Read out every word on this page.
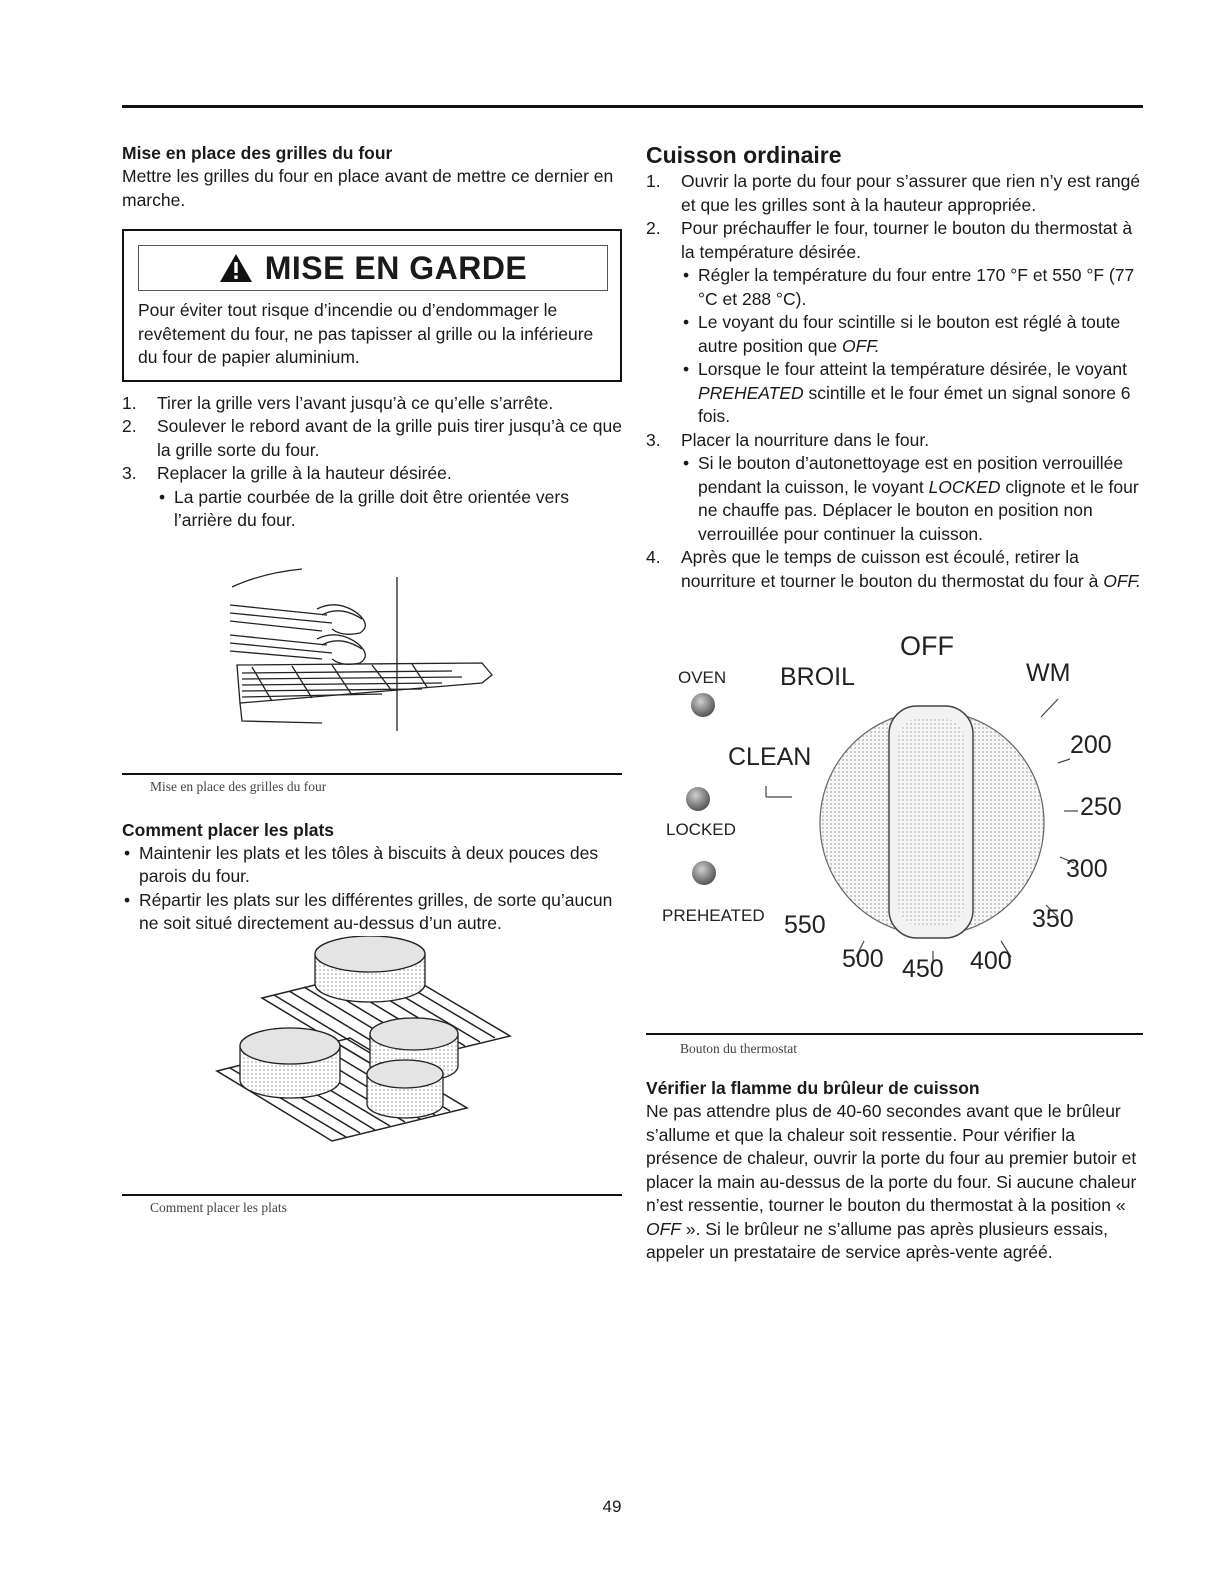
Mise en place des grilles du four

Mettre les grilles du four en place avant de mettre ce dernier en marche.

MISE EN GARDE

Pour éviter tout risque d’incendie ou d’endommager le revêtement du four, ne pas tapisser al grille ou la inférieure du four de papier aluminium.

1. Tirer la grille vers l’avant jusqu’à ce qu’elle s’arrête.
2. Soulever le rebord avant de la grille puis tirer jusqu’à ce que la grille sorte du four.
3. Replacer la grille à la hauteur désirée.
• La partie courbée de la grille doit être orientée vers l’arrière du four.
Mise en place des grilles du four

Comment placer les plats

• Maintenir les plats et les tôles à biscuits à deux pouces des parois du four.
• Répartir les plats sur les différentes grilles, de sorte qu’aucun ne soit situé directement au-dessus d’un autre.
Comment placer les plats

Cuisson ordinaire

1. Ouvrir la porte du four pour s’assurer que rien n’y est rangé et que les grilles sont à la hauteur appropriée.
2. Pour préchauffer le four, tourner le bouton du thermostat à la température désirée.
• Régler la température du four entre 170 °F et 550 °F (77 °C et 288 °C).
• Le voyant du four scintille si le bouton est réglé à toute autre position que OFF.
• Lorsque le four atteint la température désirée, le voyant PREHEATED scintille et le four émet un signal sonore 6 fois.
3. Placer la nourriture dans le four.
• Si le bouton d’autonettoyage est en position verrouillée pendant la cuisson, le voyant LOCKED clignote et le four ne chauffe pas. Déplacer le bouton en position non verrouillée pour continuer la cuisson.
4. Après que le temps de cuisson est écoulé, retirer la nourriture et tourner le bouton du thermostat du four à OFF.
OFF
OVEN BROIL	WM
CLEAN
LOCKED
PREHEATED
200
250
300
350
400
450
500
550
Bouton du thermostat

Vérifier la flamme du brûleur de cuisson

Ne pas attendre plus de 40-60 secondes avant que le brûleur s’allume et que la chaleur soit ressentie. Pour vérifier la présence de chaleur, ouvrir la porte du four au premier butoir et placer la main au-dessus de la porte du four. Si aucune chaleur n’est ressentie, tourner le bouton du thermostat à la position « OFF ». Si le brûleur ne s’allume pas après plusieurs essais, appeler un prestataire de service après-vente agréé.

49
